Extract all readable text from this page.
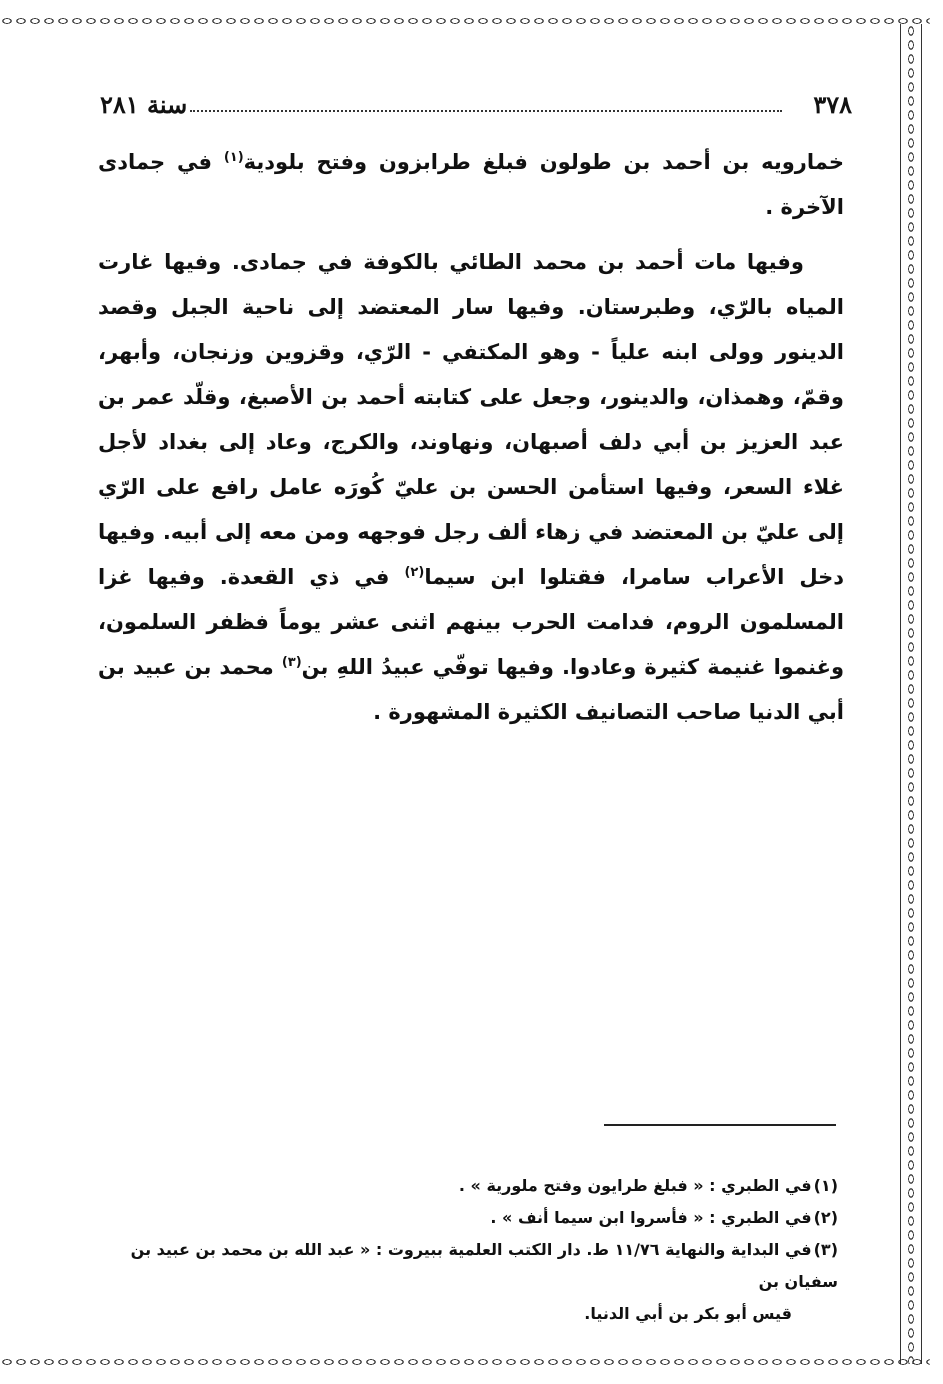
٣٧٨
سنة ٢٨١

خمارويه بن أحمد بن طولون فبلغ طرابزون وفتح بلودية$^{(١)}$ في جمادى الآخرة .

وفيها مات أحمد بن محمد الطائي بالكوفة في جمادى. وفيها غارت المياه بالرّي، وطبرستان. وفيها سار المعتضد إلى ناحية الجبل وقصد الدينور وولى ابنه علياً - وهو المكتفي - الرّي، وقزوين وزنجان، وأبهر، وقمّ، وهمذان، والدينور، وجعل على كتابته أحمد بن الأصبغ، وقلّد عمر بن عبد العزيز بن أبي دلف أصبهان، ونهاوند، والكرج، وعاد إلى بغداد لأجل غلاء السعر، وفيها استأمن الحسن بن عليّ كُورَه عامل رافع على الرّي إلى عليّ بن المعتضد في زهاء ألف رجل فوجهه ومن معه إلى أبيه. وفيها دخل الأعراب سامرا، فقتلوا ابن سيما$^{(٢)}$ في ذي القعدة. وفيها غزا المسلمون الروم، فدامت الحرب بينهم اثنى عشر يوماً فظفر السلمون، وغنموا غنيمة كثيرة وعادوا. وفيها توفّي عبيدُ اللهِ بن$^{(٣)}$ محمد بن عبيد بن أبي الدنيا صاحب التصانيف الكثيرة المشهورة .

(١)في الطبري : « فبلغ طرايون وفتح ملورية » .

(٢)في الطبري : « فأسروا ابن سيما أنف » .

(٣)في البداية والنهاية ١١/٧٦ ط. دار الكتب العلمية ببيروت : « عبد الله بن محمد بن عبيد بن سفيان بن
قيس أبو بكر بن أبي الدنيا.
